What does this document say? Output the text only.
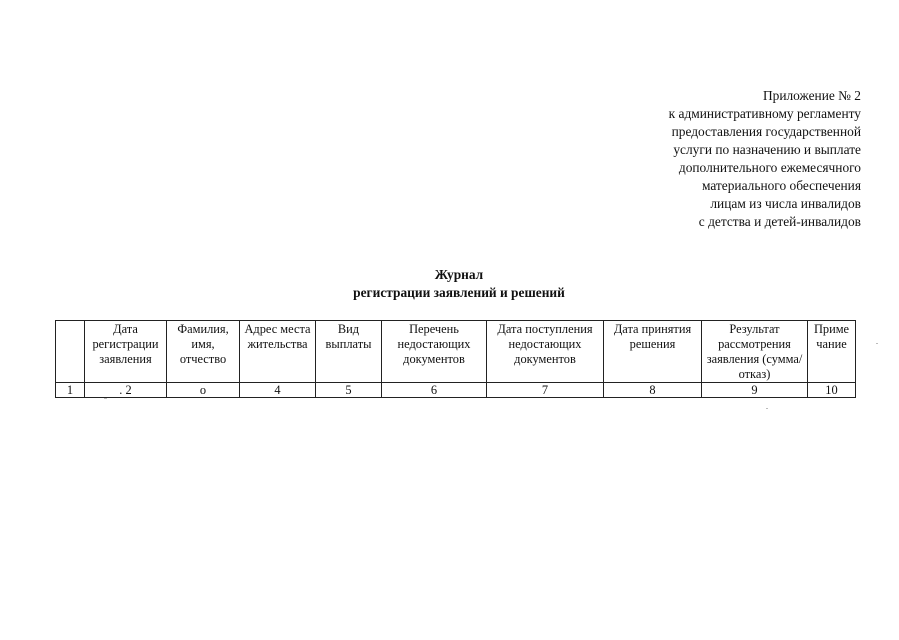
Приложение № 2
к административному регламенту
предоставления государственной
услуги по назначению и выплате
дополнительного ежемесячного
материального обеспечения
лицам из числа инвалидов
с детства и детей-инвалидов
Журнал
регистрации заявлений и решений
	Дата регистрации заявления	Фамилия, имя, отчество	Адрес места жительства	Вид выплаты	Перечень недостающих документов	Дата поступления недостающих документов	Дата принятия решения	Результат рассмотрения заявления (сумма/отказ)	Приме чание
1	. 2	о	4	5	6	7	8	9	10
